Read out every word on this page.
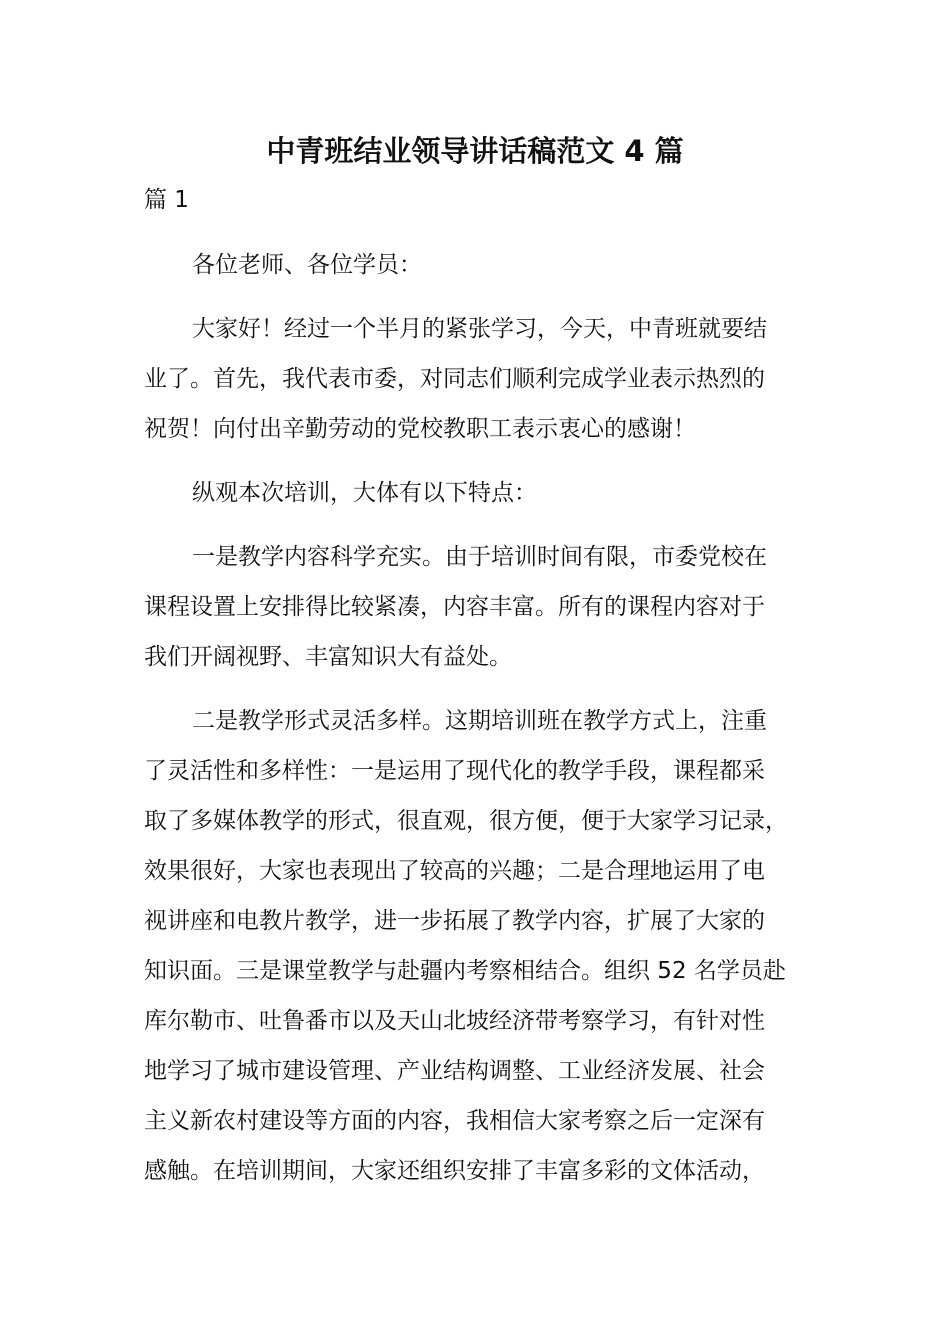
中青班结业领导讲话稿范文 4 篇
篇 1

各位老师、各位学员：

大家好！经过一个半月的紧张学习，今天，中青班就要结
业了。首先，我代表市委，对同志们顺利完成学业表示热烈的
祝贺！向付出辛勤劳动的党校教职工表示衷心的感谢！

纵观本次培训，大体有以下特点：

一是教学内容科学充实。由于培训时间有限，市委党校在
课程设置上安排得比较紧凑，内容丰富。所有的课程内容对于
我们开阔视野、丰富知识大有益处。

二是教学形式灵活多样。这期培训班在教学方式上，注重
了灵活性和多样性：一是运用了现代化的教学手段，课程都采
取了多媒体教学的形式，很直观，很方便，便于大家学习记录，
效果很好，大家也表现出了较高的兴趣；二是合理地运用了电
视讲座和电教片教学，进一步拓展了教学内容，扩展了大家的
知识面。三是课堂教学与赴疆内考察相结合。组织 52 名学员赴
库尔勒市、吐鲁番市以及天山北坡经济带考察学习，有针对性
地学习了城市建设管理、产业结构调整、工业经济发展、社会
主义新农村建设等方面的内容，我相信大家考察之后一定深有
感触。在培训期间，大家还组织安排了丰富多彩的文体活动，
